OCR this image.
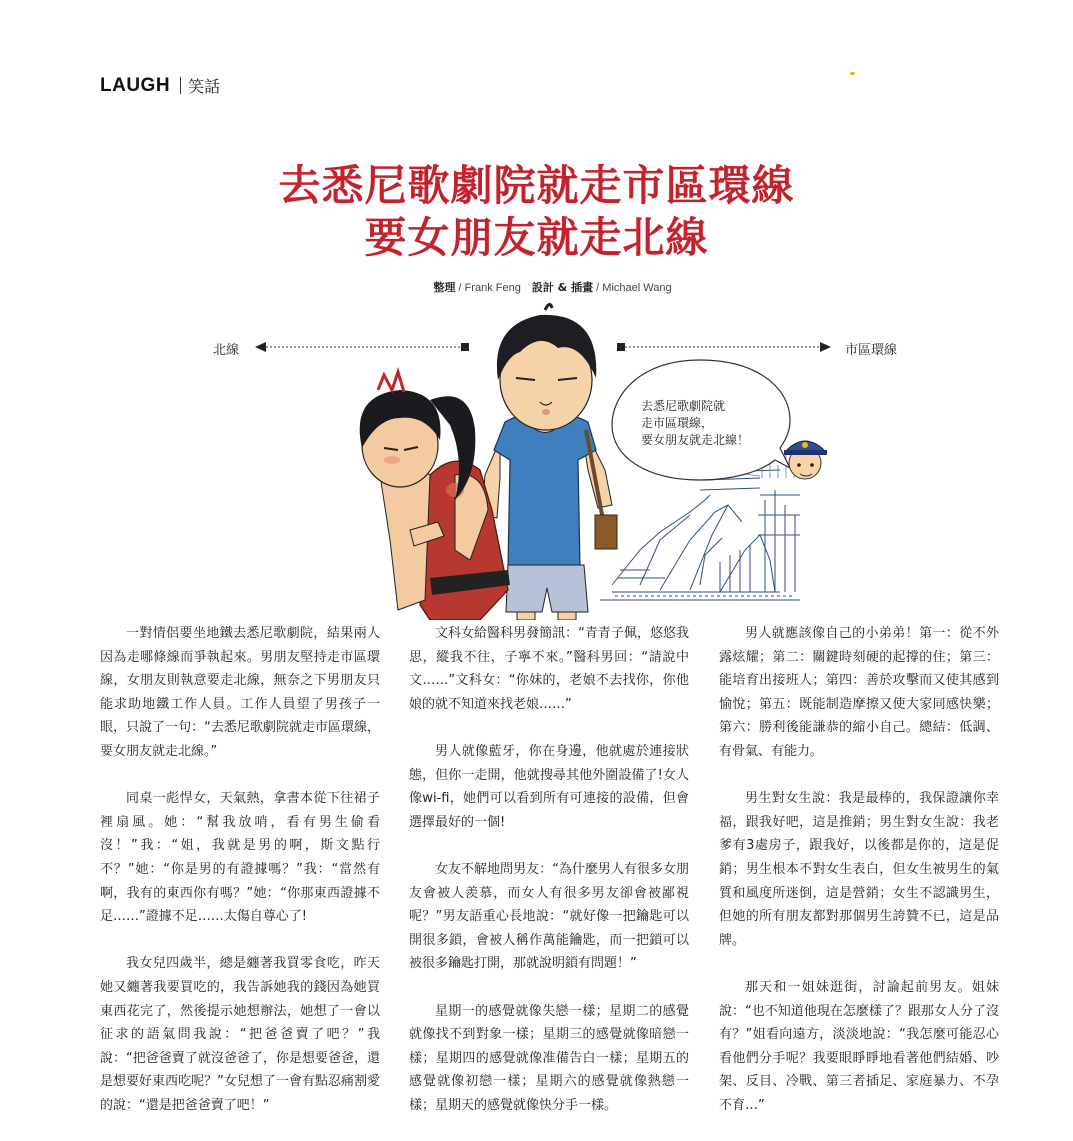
LAUGH 笑話
去悉尼歌劇院就走市區環線
要女朋友就走北線
整理 / Frank Feng　設計 & 插畫 / Michael Wang
北線	市區環線
去悉尼歌劇院就
走市區環線，
要女朋友就走北線！

一對情侶要坐地鐵去悉尼歌劇院，結果兩人因為走哪條線而爭執起來。男朋友堅持走市區環線，女朋友則執意要走北線，無奈之下男朋友只能求助地鐵工作人員。工作人員望了男孩子一眼，只說了一句：“去悉尼歌劇院就走市區環線，要女朋友就走北線。”

同桌一彪悍女，天氣熱，拿書本從下往裙子裡扇風。她：“幫我放哨，看有男生偷看沒！”我：“姐，我就是男的啊，斯文點行不？”她：“你是男的有證據嗎？”我：“當然有啊，我有的東西你有嗎？”她：“你那東西證據不足……”證據不足……太傷自尊心了!

我女兒四歲半，總是纏著我買零食吃，昨天她又纏著我要買吃的，我告訴她我的錢因為她買東西花完了，然後提示她想辦法，她想了一會以征求的語氣問我說：“把爸爸賣了吧？”我說：“把爸爸賣了就沒爸爸了，你是想要爸爸，還是想要好東西吃呢？”女兒想了一會有點忍痛割愛的說：“還是把爸爸賣了吧！”

文科女給醫科男發簡訊：“青青子佩，悠悠我思，縱我不往，子寧不來。”醫科男回：“請說中文……”文科女：“你妹的，老娘不去找你，你他娘的就不知道來找老娘……”

男人就像藍牙，你在身邊，他就處於連接狀態，但你一走開，他就搜尋其他外圍設備了!女人像wi-fi，她們可以看到所有可連接的設備，但會選擇最好的一個!

女友不解地問男友：“為什麼男人有很多女朋友會被人羨慕，而女人有很多男友卻會被鄙視呢？”男友語重心長地說：“就好像一把鑰匙可以開很多鎖，會被人稱作萬能鑰匙，而一把鎖可以被很多鑰匙打開，那就說明鎖有問題！”

星期一的感覺就像失戀一樣；星期二的感覺就像找不到對象一樣；星期三的感覺就像暗戀一樣；星期四的感覺就像准備告白一樣；星期五的感覺就像初戀一樣；星期六的感覺就像熱戀一樣；星期天的感覺就像快分手一樣。

男人就應該像自己的小弟弟！第一：從不外露炫耀；第二：關鍵時刻硬的起撐的住；第三： 能培育出接班人；第四：善於攻擊而又使其感到愉悅；第五：既能制造摩擦又使大家同感快樂；第六：勝利後能謙恭的縮小自己。總結：低調、有骨氣、有能力。

男生對女生說：我是最棒的，我保證讓你幸福，跟我好吧，這是推銷；男生對女生說：我老爹有3處房子，跟我好，以後都是你的，這是促銷；男生根本不對女生表白，但女生被男生的氣質和風度所迷倒，這是營銷；女生不認識男生，但她的所有朋友都對那個男生誇贊不已，這是品牌。

那天和一姐妹逛街，討論起前男友。姐妹說：“也不知道他現在怎麼樣了？跟那女人分了沒有？”姐看向遠方，淡淡地說：“我怎麼可能忍心看他們分手呢？我要眼睜睜地看著他們結婚、吵架、反目、冷戰、第三者插足、家庭暴力、不孕不育…”
